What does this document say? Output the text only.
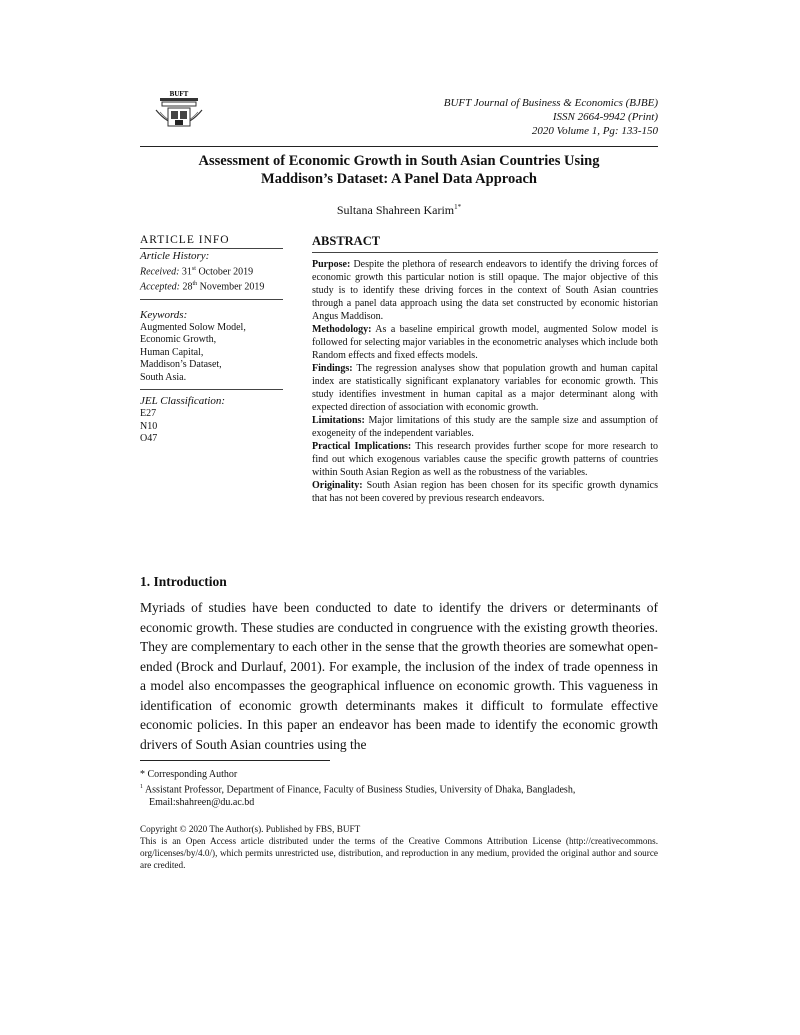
BUFT
BUFT Journal of Business & Economics (BJBE)
ISSN 2664-9942 (Print)
2020 Volume 1, Pg: 133-150
Assessment of Economic Growth in South Asian Countries Using
Maddison’s Dataset: A Panel Data Approach
Sultana Shahreen Karim$^{1*}$
ARTICLE INFO
Article History:
Received: 31st October 2019
Accepted: 28th November 2019
Keywords:
Augmented Solow Model,
Economic Growth,
Human Capital,
Maddison’s Dataset,
South Asia.
JEL Classification:
E27
N10
O47
ABSTRACT

Purpose: Despite the plethora of research endeavors to identify the driving forces of economic growth this particular notion is still opaque. The major objective of this study is to identify these driving forces in the context of South Asian countries through a panel data approach using the data set constructed by economic historian Angus Maddison.

Methodology: As a baseline empirical growth model, augmented Solow model is followed for selecting major variables in the econometric analyses which include both Random effects and fixed effects models.

Findings: The regression analyses show that population growth and human capital index are statistically significant explanatory variables for economic growth. This study identifies investment in human capital as a major determinant along with expected direction of association with economic growth.

Limitations: Major limitations of this study are the sample size and assumption of exogeneity of the independent variables.

Practical Implications: This research provides further scope for more research to find out which exogenous variables cause the specific growth patterns of countries within South Asian Region as well as the robustness of the variables.

Originality: South Asian region has been chosen for its specific growth dynamics that has not been covered by previous research endeavors.

1. Introduction

Myriads of studies have been conducted to date to identify the drivers or determinants of economic growth. These studies are conducted in congruence with the existing growth theories. They are complementary to each other in the sense that the growth theories are somewhat open-ended (Brock and Durlauf, 2001). For example, the inclusion of the index of trade openness in a model also encompasses the geographical influence on economic growth. This vagueness in identification of economic growth determinants makes it difficult to formulate effective economic policies. In this paper an endeavor has been made to identify the economic growth drivers of South Asian countries using the

* Corresponding Author
$^1$ Assistant Professor, Department of Finance, Faculty of Business Studies, University of Dhaka, Bangladesh, Email:shahreen@du.ac.bd
Copyright © 2020 The Author(s). Published by FBS, BUFT
This is an Open Access article distributed under the terms of the Creative Commons Attribution License (http://creativecommons. org/licenses/by/4.0/), which permits unrestricted use, distribution, and reproduction in any medium, provided the original author and source are credited.
